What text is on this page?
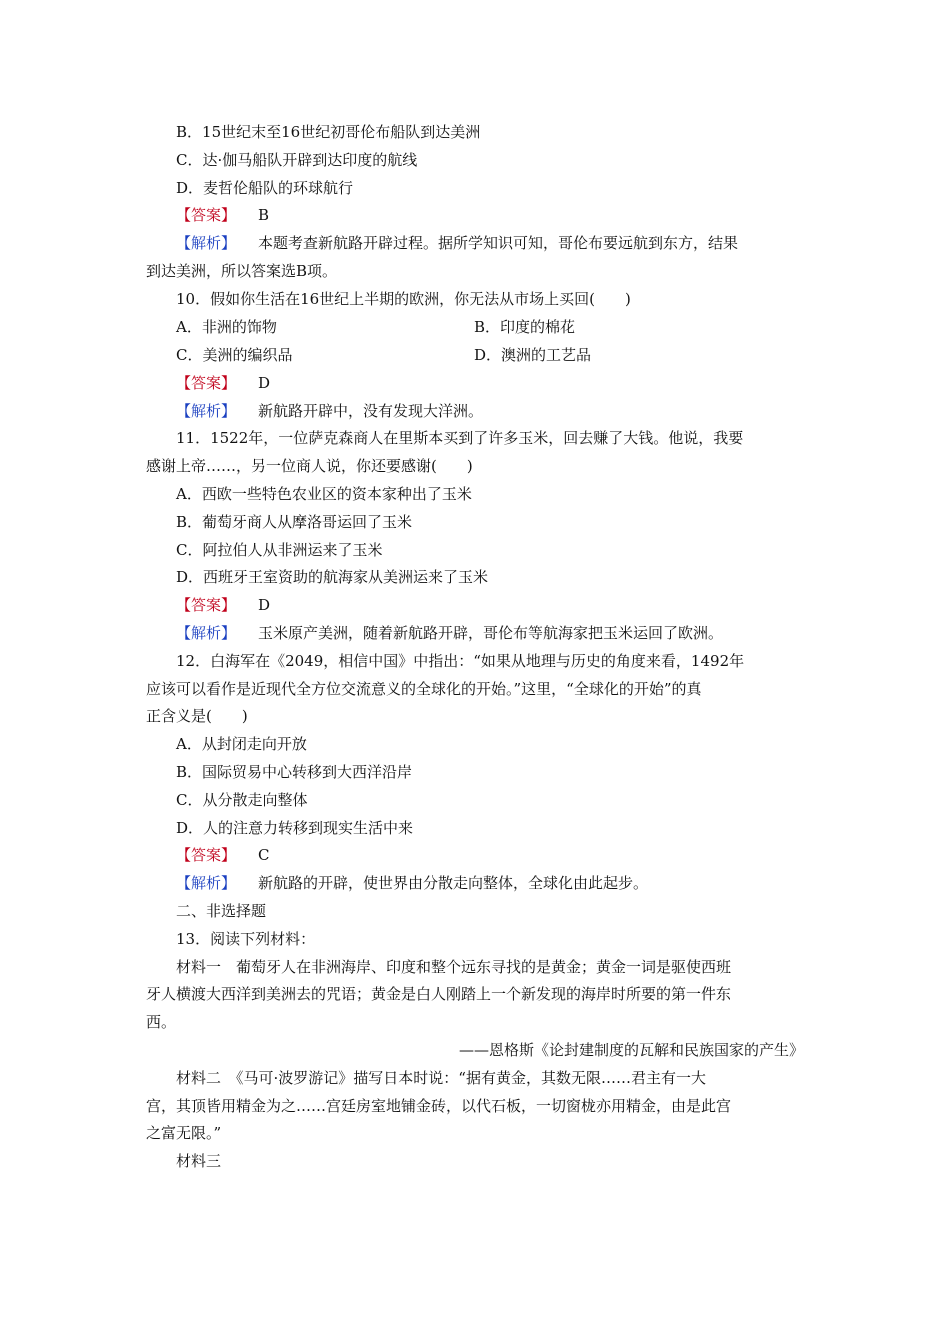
B．15世纪末至16世纪初哥伦布船队到达美洲
C．达·伽马船队开辟到达印度的航线
D．麦哲伦船队的环球航行
【答案】 B
【解析】 本题考查新航路开辟过程。据所学知识可知，哥伦布要远航到东方，结果
到达美洲，所以答案选B项。
10．假如你生活在16世纪上半期的欧洲，你无法从市场上买回(　　)
A．非洲的饰物	B．印度的棉花
C．美洲的编织品	D．澳洲的工艺品
【答案】 D
【解析】 新航路开辟中，没有发现大洋洲。
11．1522年，一位萨克森商人在里斯本买到了许多玉米，回去赚了大钱。他说，我要
感谢上帝……，另一位商人说，你还要感谢(　　)
A．西欧一些特色农业区的资本家种出了玉米
B．葡萄牙商人从摩洛哥运回了玉米
C．阿拉伯人从非洲运来了玉米
D．西班牙王室资助的航海家从美洲运来了玉米
【答案】 D
【解析】 玉米原产美洲，随着新航路开辟，哥伦布等航海家把玉米运回了欧洲。
12．白海军在《2049，相信中国》中指出：“如果从地理与历史的角度来看，1492年
应该可以看作是近现代全方位交流意义的全球化的开始。”这里，“全球化的开始”的真
正含义是(　　)
A．从封闭走向开放
B．国际贸易中心转移到大西洋沿岸
C．从分散走向整体
D．人的注意力转移到现实生活中来
【答案】 C
【解析】 新航路的开辟，使世界由分散走向整体，全球化由此起步。
二、非选择题
13．阅读下列材料：
材料一　葡萄牙人在非洲海岸、印度和整个远东寻找的是黄金；黄金一词是驱使西班
牙人横渡大西洋到美洲去的咒语；黄金是白人刚踏上一个新发现的海岸时所要的第一件东
西。
——恩格斯《论封建制度的瓦解和民族国家的产生》
材料二　《马可·波罗游记》描写日本时说：“据有黄金，其数无限……君主有一大
宫，其顶皆用精金为之……宫廷房室地铺金砖，以代石板，一切窗栊亦用精金，由是此宫
之富无限。”
材料三
